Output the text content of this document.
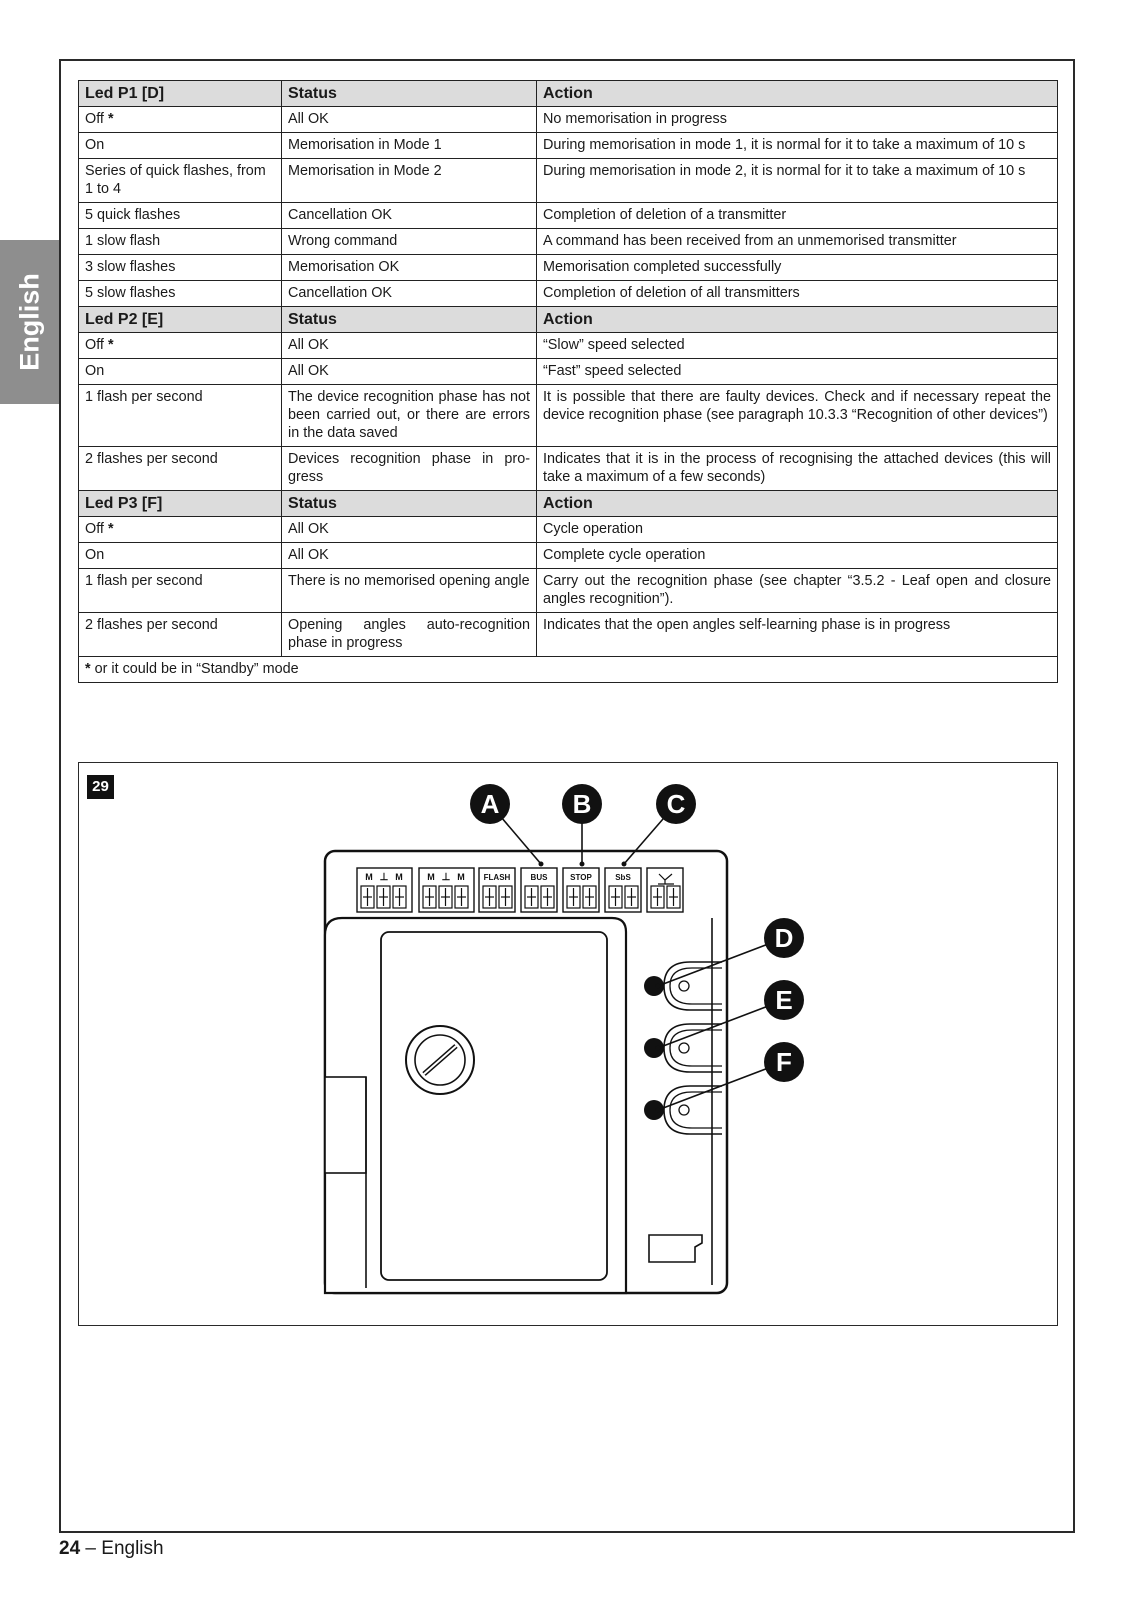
English
Led P1 [D]	Status	Action
Off *	All OK	No memorisation in progress
On	Memorisation in Mode 1	During memorisation in mode 1, it is normal for it to take a maximum of 10 s
Series of quick flashes, from 1 to 4	Memorisation in Mode 2	During memorisation in mode 2, it is normal for it to take a maximum of 10 s
5 quick flashes	Cancellation OK	Completion of deletion of a transmitter
1 slow flash	Wrong command	A command has been received from an unmemorised transmitter
3 slow flashes	Memorisation OK	Memorisation completed successfully
5 slow flashes	Cancellation OK	Completion of deletion of all transmitters
Led P2 [E]	Status	Action
Off *	All OK	“Slow” speed selected
On	All OK	“Fast” speed selected
1 flash per second	The device recognition phase has not been carried out, or there are errors in the data saved	It is possible that there are faulty devices. Check and if necessary repeat the device recognition phase (see paragraph 10.3.3 “Recognition of other devices”)
2 flashes per second	Devices recognition phase in pro-gress	Indicates that it is in the process of recognising the attached devices (this will take a maximum of a few seconds)
Led P3 [F]	Status	Action
Off *	All OK	Cycle operation
On	All OK	Complete cycle operation
1 flash per second	There is no memorised opening angle	Carry out the recognition phase (see chapter “3.5.2 - Leaf open and closure angles recognition”).
2 flashes per second	Opening angles auto-recognition phase in progress	Indicates that the open angles self-learning phase is in progress
* or it could be in “Standby” mode		
29
M ⊥ M	M ⊥ M FLASH	BUS	STOP	SbS
A	B	C
D
E
F
24 – English
